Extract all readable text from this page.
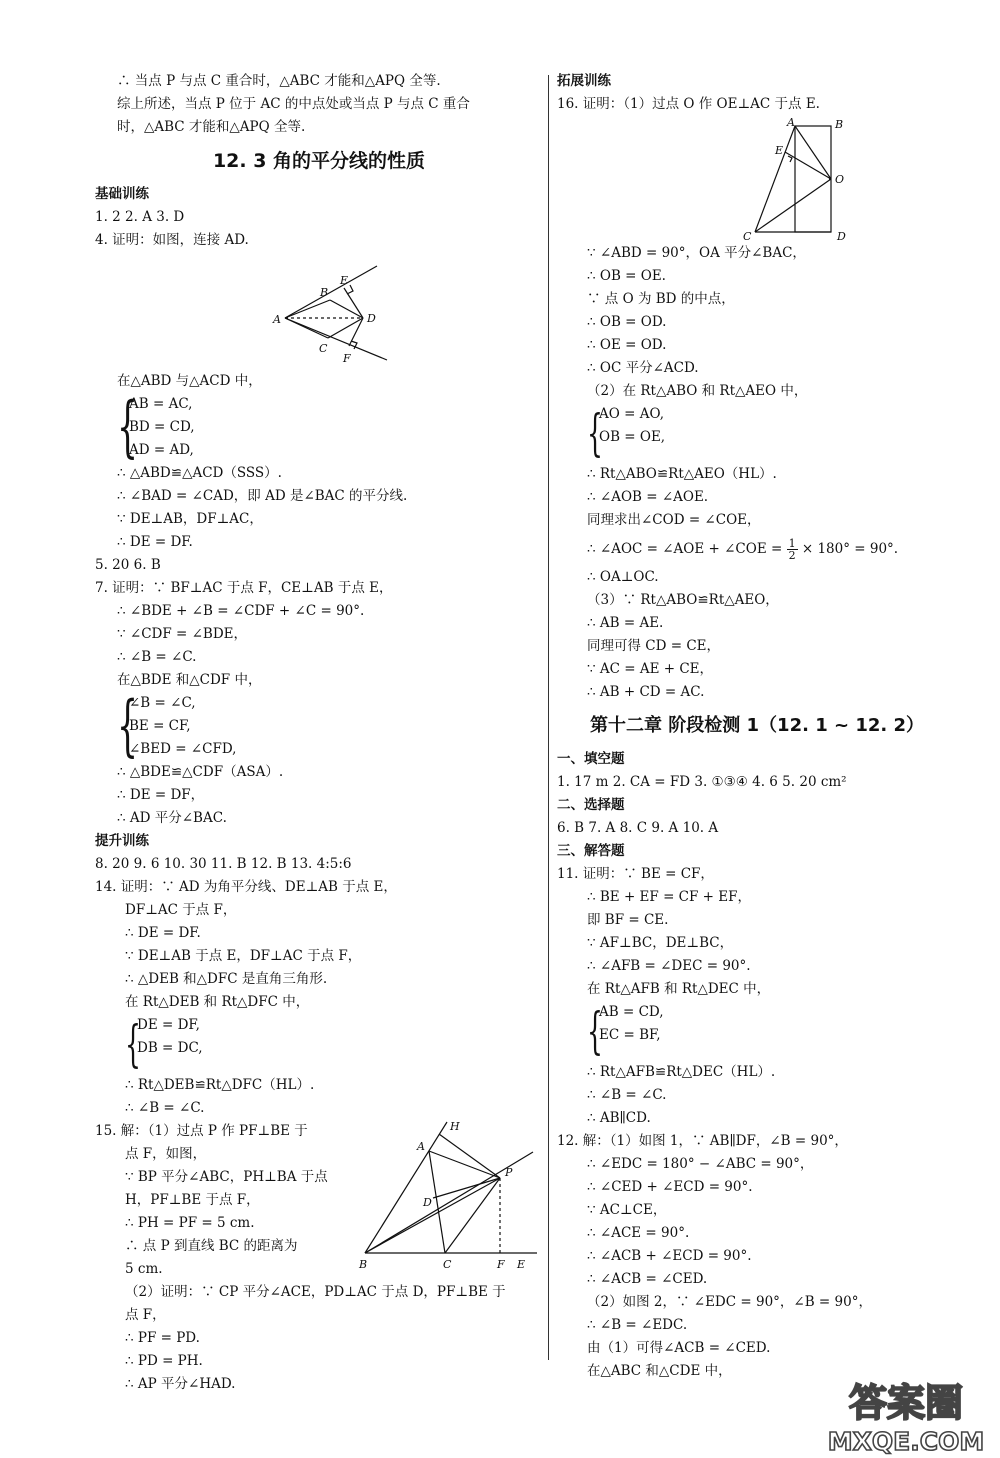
∴ 当点 P 与点 C 重合时，△ABC 才能和△APQ 全等.
综上所述，当点 P 位于 AC 的中点处或当点 P 与点 C 重合
时，△ABC 才能和△APQ 全等.
12. 3 角的平分线的性质
基础训练
1. 2 2. A 3. D
4. 证明：如图，连接 AD.
A
B
E
D
C
F
在△ABD 与△ACD 中，
{
AB = AC,
BD = CD,
AD = AD,
∴ △ABD≌△ACD（SSS）.
∴ ∠BAD = ∠CAD，即 AD 是∠BAC 的平分线.
∵ DE⊥AB，DF⊥AC，
∴ DE = DF.
5. 20 6. B
7. 证明：∵ BF⊥AC 于点 F，CE⊥AB 于点 E，
∴ ∠BDE + ∠B = ∠CDF + ∠C = 90°.
∵ ∠CDF = ∠BDE，
∴ ∠B = ∠C.
在△BDE 和△CDF 中，
{
∠B = ∠C,
BE = CF,
∠BED = ∠CFD,
∴ △BDE≌△CDF（ASA）.
∴ DE = DF，
∴ AD 平分∠BAC.
提升训练
8. 20 9. 6 10. 30 11. B 12. B 13. 4:5:6
14. 证明：∵ AD 为角平分线、DE⊥AB 于点 E，
DF⊥AC 于点 F，
∴ DE = DF.
∵ DE⊥AB 于点 E，DF⊥AC 于点 F，
∴ △DEB 和△DFC 是直角三角形.
在 Rt△DEB 和 Rt△DFC 中，
{
DE = DF,
DB = DC,
∴ Rt△DEB≌Rt△DFC（HL）.
∴ ∠B = ∠C.
15. 解：（1）过点 P 作 PF⊥BE 于
点 F，如图，
∵ BP 平分∠ABC，PH⊥BA 于点
H，PF⊥BE 于点 F，
∴ PH = PF = 5 cm.
∴ 点 P 到直线 BC 的距离为
5 cm.
H
A
P
D
B	C	F E
（2）证明：∵ CP 平分∠ACE，PD⊥AC 于点 D，PF⊥BE 于
点 F，
∴ PF = PD.
∴ PD = PH.
∴ AP 平分∠HAD.
拓展训练
16. 证明：（1）过点 O 作 OE⊥AC 于点 E.
A	B
E
O
C	D
∵ ∠ABD = 90°，OA 平分∠BAC，
∴ OB = OE.
∵ 点 O 为 BD 的中点，
∴ OB = OD.
∴ OE = OD.
∴ OC 平分∠ACD.
（2）在 Rt△ABO 和 Rt△AEO 中，
{
AO = AO,
OB = OE,
∴ Rt△ABO≌Rt△AEO（HL）.
∴ ∠AOB = ∠AOE.
同理求出∠COD = ∠COE，
∴ ∠AOC = ∠AOE + ∠COE = $\frac{1}{2} \times 180^\circ = 90^\circ$.
∴ OA⊥OC.
（3）∵ Rt△ABO≌Rt△AEO，
∴ AB = AE.
同理可得 CD = CE，
∵ AC = AE + CE，
∴ AB + CD = AC.
第十二章 阶段检测 1（12. 1 ~ 12. 2）
一、填空题
1. 17 m 2. CA = FD 3. ①③④ 4. 6 5. 20 cm²
二、选择题
6. B 7. A 8. C 9. A 10. A
三、解答题
11. 证明：∵ BE = CF，
∴ BE + EF = CF + EF，
即 BF = CE.
∵ AF⊥BC，DE⊥BC，
∴ ∠AFB = ∠DEC = 90°.
在 Rt△AFB 和 Rt△DEC 中，
{
AB = CD,
EC = BF,
∴ Rt△AFB≌Rt△DEC（HL）.
∴ ∠B = ∠C.
∴ AB∥CD.
12. 解：（1）如图 1，∵ AB∥DF，∠B = 90°，
∴ ∠EDC = 180° − ∠ABC = 90°，
∴ ∠CED + ∠ECD = 90°.
∵ AC⊥CE，
∴ ∠ACE = 90°.
∴ ∠ACB + ∠ECD = 90°.
∴ ∠ACB = ∠CED.
（2）如图 2，∵ ∠EDC = 90°，∠B = 90°，
∴ ∠B = ∠EDC.
由（1）可得∠ACB = ∠CED.
在△ABC 和△CDE 中，
答案圈
MXQE.COM
